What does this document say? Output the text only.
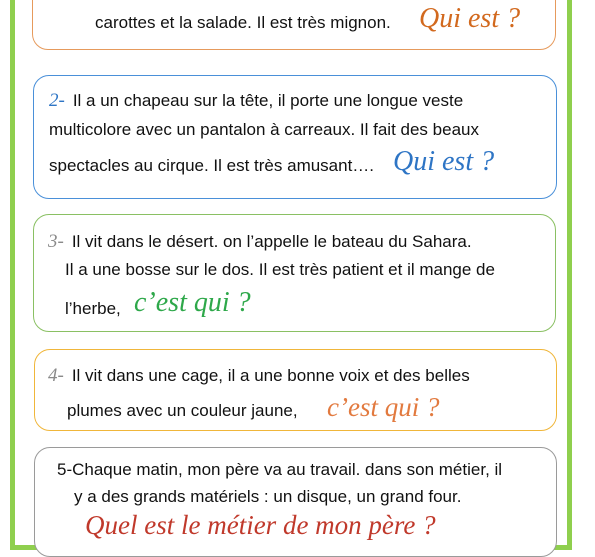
carottes et la salade. Il est très mignon. Qui est ?
2- Il a un chapeau sur la tête, il porte une longue veste
multicolore avec un pantalon à carreaux. Il fait des beaux
spectacles au cirque. Il est très amusant…. Qui est ?
3- Il vit dans le désert. on l’appelle le bateau du Sahara.
Il a une bosse sur le dos. Il est très patient et il mange de
l’herbe, c’est qui ?
4- Il vit dans une cage, il a une bonne voix et des belles
plumes avec un couleur jaune, c’est qui ?
5-Chaque matin, mon père va au travail. dans son métier, il
y a des grands matériels : un disque, un grand four.
Quel est le métier de mon père ?
